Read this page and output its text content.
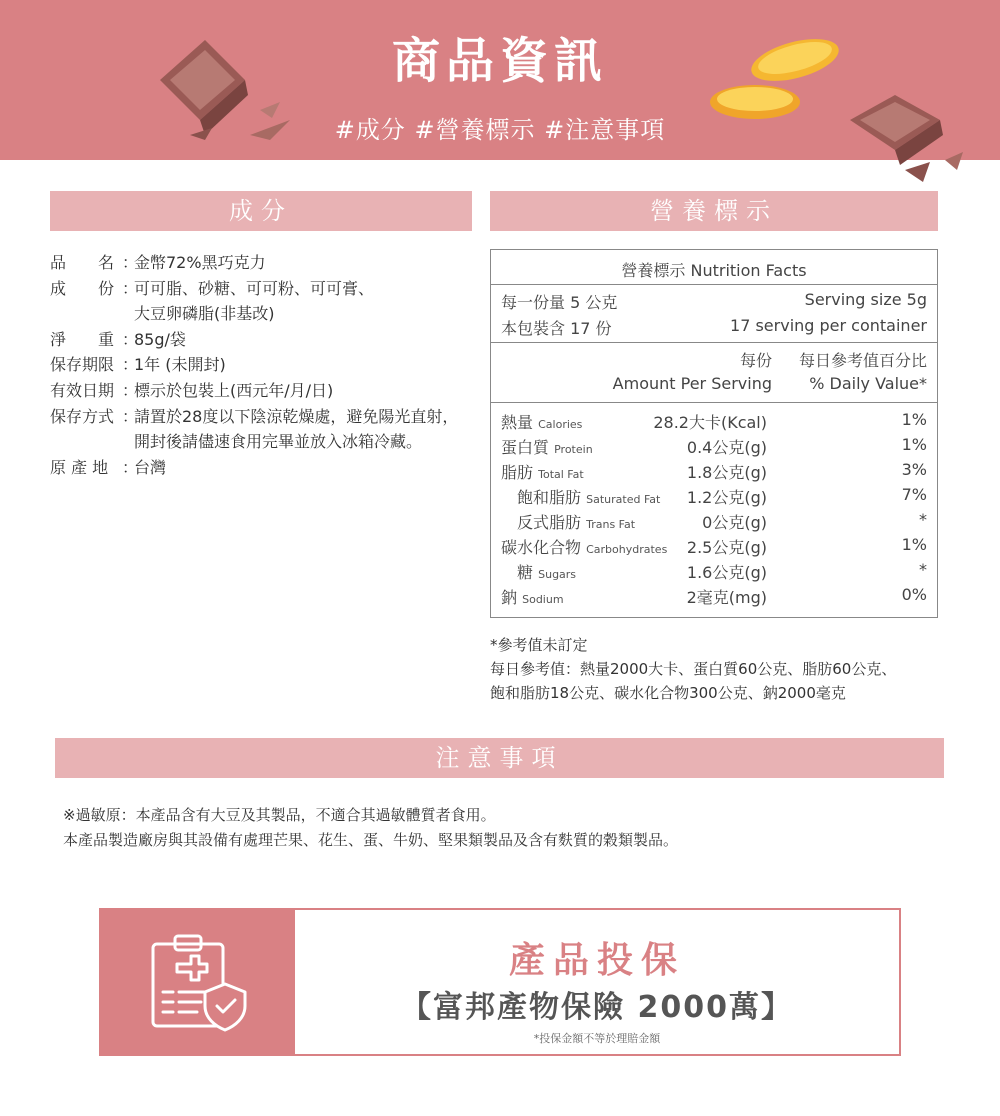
商品資訊
#成分 #營養標示 #注意事項
成分	營養標示
品　　名 ：金幣72%黑巧克力
成　　份 ：可可脂、砂糖、可可粉、可可膏、
大豆卵磷脂(非基改)
淨　　重 ：85g/袋
保存期限 ：1年 (未開封)
有效日期 ：標示於包裝上(西元年/月/日)
保存方式 ：請置於28度以下陰涼乾燥處，避免陽光直射，
開封後請儘速食用完畢並放入冰箱冷藏。
原 產 地 ：台灣
營養標示 Nutrition Facts
每一份量 5 公克	Serving size 5g
本包裝含 17 份	17 serving per container
每份 每日參考值百分比
Amount Per Serving % Daily Value*
熱量 Calories	28.2大卡(Kcal)	1%
蛋白質 Protein	0.4公克(g)	1%
脂肪 Total Fat	1.8公克(g)	3%
飽和脂肪 Saturated Fat 1.2公克(g)	7%
反式脂肪 Trans Fat	0公克(g)	*
碳水化合物 Carbohydrates 2.5公克(g)	1%
糖 Sugars	1.6公克(g)	*
鈉 Sodium	2毫克(mg)	0%
*參考值未訂定
每日參考值：熱量2000大卡、蛋白質60公克、脂肪60公克、
飽和脂肪18公克、碳水化合物300公克、鈉2000毫克
注意事項
※過敏原：本產品含有大豆及其製品，不適合其過敏體質者食用。
本產品製造廠房與其設備有處理芒果、花生、蛋、牛奶、堅果類製品及含有麩質的穀類製品。
產品投保
【富邦產物保險 2000萬】
*投保金額不等於理賠金額
